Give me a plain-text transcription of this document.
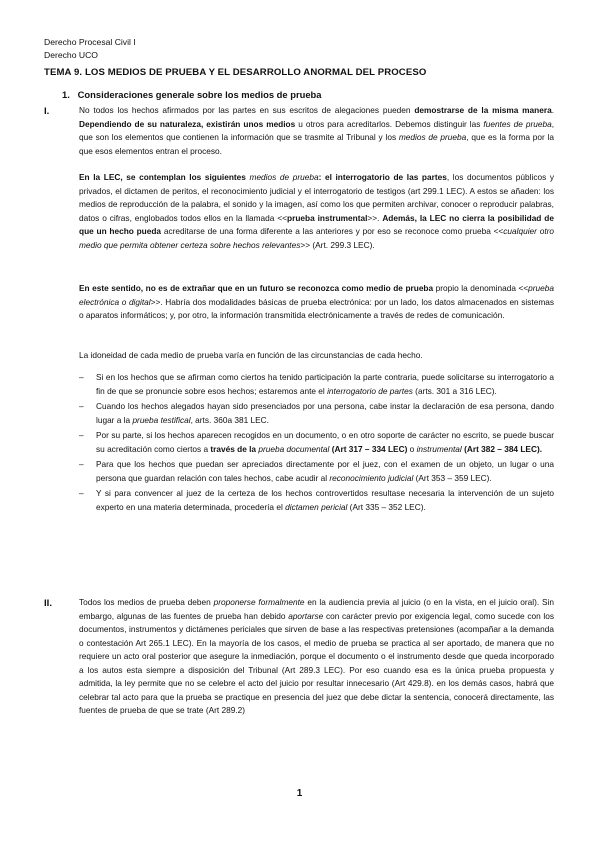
Derecho Procesal Civil I
Derecho UCO
TEMA 9. LOS MEDIOS DE PRUEBA Y EL DESARROLLO ANORMAL DEL PROCESO
1. Consideraciones generale sobre los medios de prueba
I.	No todos los hechos afirmados por las partes en sus escritos de alegaciones pueden demostrarse de la misma manera. Dependiendo de su naturaleza, existirán unos medios u otros para acreditarlos. Debemos distinguir las fuentes de prueba, que son los elementos que contienen la información que se trasmite al Tribunal y los medios de prueba, que es la forma por la que esos elementos entran el proceso.

En la LEC, se contemplan los siguientes medios de prueba: el interrogatorio de las partes, los documentos públicos y privados, el dictamen de peritos, el reconocimiento judicial y el interrogatorio de testigos (art 299.1 LEC). A estos se añaden: los medios de reproducción de la palabra, el sonido y la imagen, así como los que permiten archivar, conocer o reproducir palabras, datos o cifras, englobados todos ellos en la llamada <<prueba instrumental>>. Además, la LEC no cierra la posibilidad de que un hecho pueda acreditarse de una forma diferente a las anteriores y por eso se reconoce como prueba <<cualquier otro medio que permita obtener certeza sobre hechos relevantes>> (Art. 299.3 LEC).

En este sentido, no es de extrañar que en un futuro se reconozca como medio de prueba propio la denominada <<prueba electrónica o digital>>. Habría dos modalidades básicas de prueba electrónica: por un lado, los datos almacenados en sistemas o aparatos informáticos; y, por otro, la información transmitida electrónicamente a través de redes de comunicación.

La idoneidad de cada medio de prueba varía en función de las circunstancias de cada hecho.

– Si en los hechos que se afirman como ciertos ha tenido participación la parte contraria, puede solicitarse su interrogatorio a fin de que se pronuncie sobre esos hechos; estaremos ante el interrogatorio de partes (arts. 301 a 316 LEC).
– Cuando los hechos alegados hayan sido presenciados por una persona, cabe instar la declaración de esa persona, dando lugar a la prueba testifical, arts. 360a 381 LEC.
– Por su parte, si los hechos aparecen recogidos en un documento, o en otro soporte de carácter no escrito, se puede buscar su acreditación como ciertos a través de la prueba documental (Art 317 – 334 LEC) o instrumental (Art 382 – 384 LEC).
– Para que los hechos que puedan ser apreciados directamente por el juez, con el examen de un objeto, un lugar o una persona que guardan relación con tales hechos, cabe acudir al reconocimiento judicial (Art 353 – 359 LEC).
– Y si para convencer al juez de la certeza de los hechos controvertidos resultase necesaria la intervención de un sujeto experto en una materia determinada, procedería el dictamen pericial (Art 335 – 352 LEC).
II.	Todos los medios de prueba deben proponerse formalmente en la audiencia previa al juicio (o en la vista, en el juicio oral). Sin embargo, algunas de las fuentes de prueba han debido aportarse con carácter previo por exigencia legal, como sucede con los documentos, instrumentos y dictámenes periciales que sirven de base a las respectivas pretensiones (acompañar a la demanda o contestación Art 265.1 LEC). En la mayoría de los casos, el medio de prueba se practica al ser aportado, de manera que no requiere un acto oral posterior que asegure la inmediación, porque el documento o el instrumento desde que queda incorporado a los autos esta siempre a disposición del Tribunal (Art 289.3 LEC). Por eso cuando esa es la única prueba propuesta y admitida, la ley permite que no se celebre el acto del juicio por resultar innecesario (Art 429.8). en los demás casos, habrá que celebrar tal acto para que la prueba se practique en presencia del juez que debe dictar la sentencia, conocerá directamente, las fuentes de prueba de que se trate (Art 289.2)

1
